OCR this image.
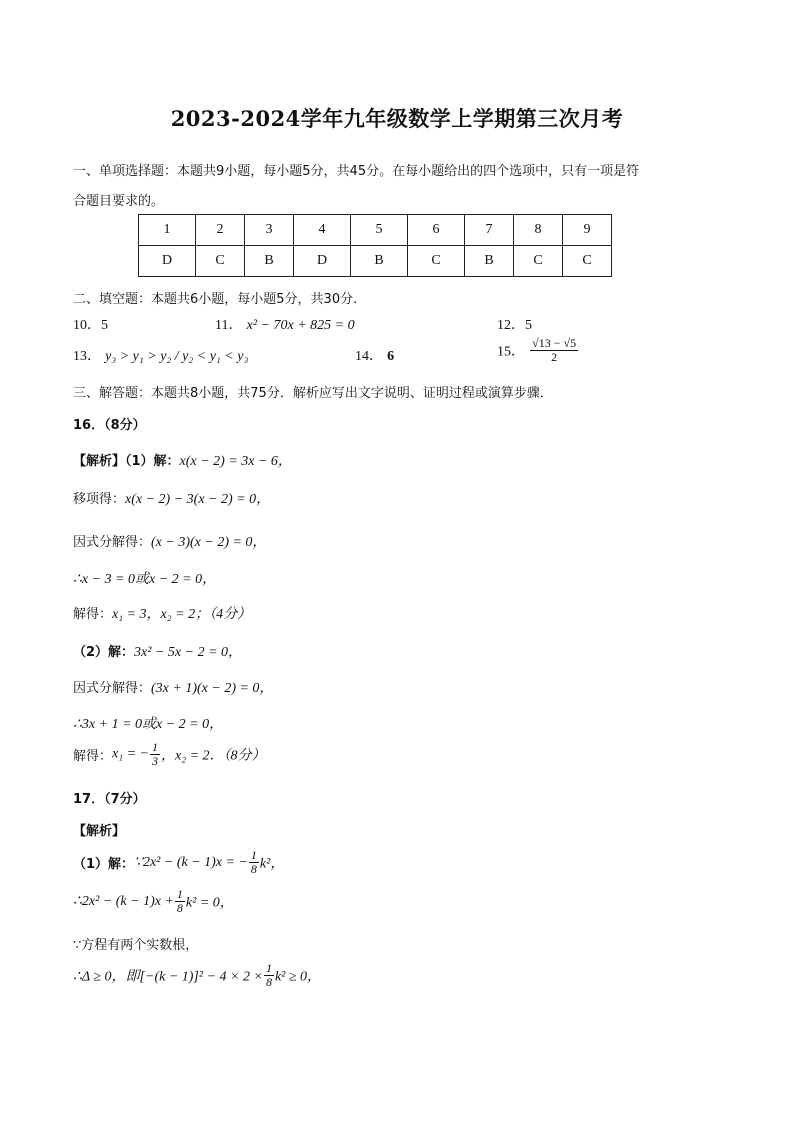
2023-2024学年九年级数学上学期第三次月考
一、单项选择题：本题共9小题，每小题5分，共45分。在每小题给出的四个选项中，只有一项是符
合题目要求的。
1	2	3	4	5	6	7	8	9
D	C	B	D	B	C	B	C	C
二、填空题：本题共6小题，每小题5分，共30分.
10．5	11． x² − 70x + 825 = 0	12．5
13． y₃ > y₁ > y₂ / y₂ < y₁ < y₃	14． 6	15． $\frac{√13 - √5}{2}$
三、解答题：本题共8小题，共75分．解析应写出文字说明、证明过程或演算步骤．
16．（8分）
【解析】（1）解：x(x − 2) = 3x − 6，
移项得：x(x − 2) − 3(x − 2) = 0，
因式分解得：(x − 3)(x − 2) = 0，
∴x − 3 = 0或x − 2 = 0，
解得：x₁ = 3，x₂ = 2；（4分）
（2）解：3x² − 5x − 2 = 0，
因式分解得：(3x + 1)(x − 2) = 0，
∴3x + 1 = 0或x − 2 = 0，
解得：x₁ = − $\frac{1}{3}$ ，x₂ = 2．（8分）
17．（7分）
【解析】
（1）解：∵2x² − (k − 1)x = − $\frac{1}{8} k^2$，
∴2x² − $(k - 1)x + \frac{1}{8} k^2 = 0$，
∵方程有两个实数根，
∴Δ ≥ 0，即$[-(k - 1)]^2 - 4 \times 2 \times \frac{1}{8} k^2 \ge 0$，
